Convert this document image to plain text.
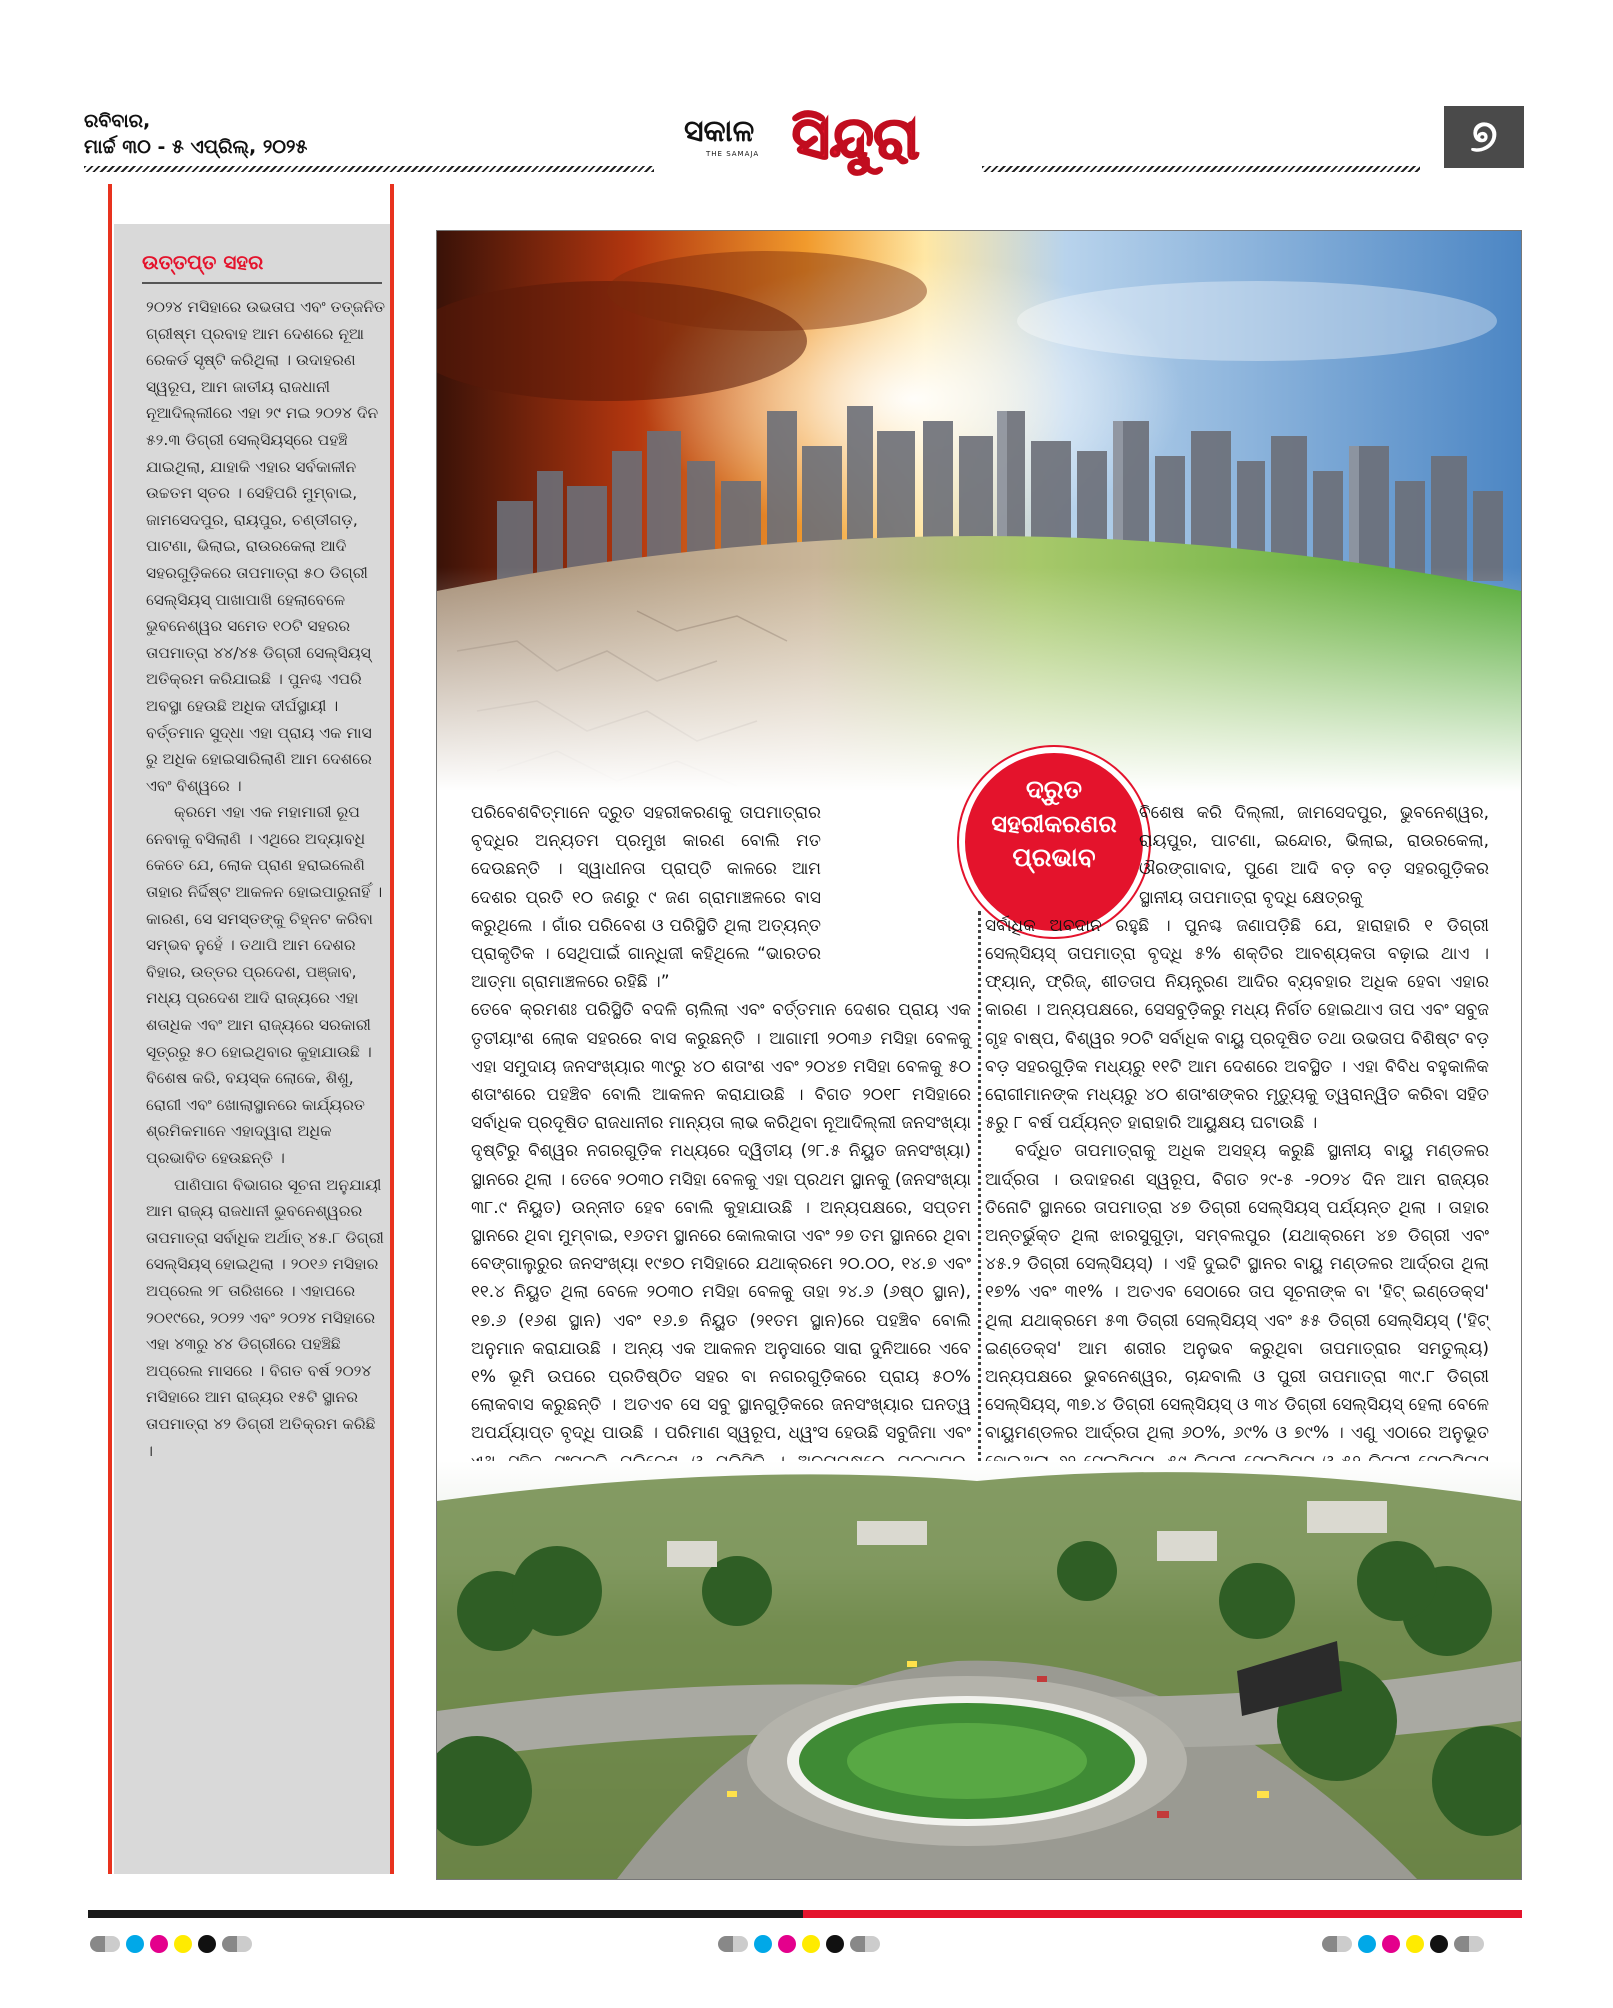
ରବିବାର,
ମାର୍ଚ୍ଚ ୩୦ - ୫ ଏପ୍ରିଲ୍, ୨୦୨୫	ସକାଳ
THE SAMAJA ସିନ୍ଦୁରା	୭
ଉତ୍ତପ୍ତ ସହର

୨୦୨୪ ମସିହାରେ ଉଭତାପ ଏବଂ ତତ୍‌ଜନିତ ଗ୍ରୀଷ୍ମ ପ୍ରବାହ ଆମ ଦେଶରେ ନୂଆ ରେକର୍ଡ ସୃଷ୍ଟି କରିଥିଲା । ଉଦାହରଣ ସ୍ୱରୂପ, ଆମ ଜାତୀୟ ରାଜଧାନୀ ନୂଆଦିଲ୍ଲୀରେ ଏହା ୨୯ ମଇ ୨୦୨୪ ଦିନ ୫୨.୩ ଡିଗ୍ରୀ ସେଲ୍‌ସିୟସ୍‌ରେ ପହଞ୍ଚି ଯାଇଥିଲା, ଯାହାକି ଏହାର ସର୍ବକାଳୀନ ଉଚ୍ଚତମ ସ୍ତର । ସେହିପରି ମୁମ୍ବାଇ, ଜାମସେଦପୁର, ରାୟପୁର, ଚଣ୍ଡୀଗଡ଼, ପାଟଣା, ଭିଲାଇ, ରାଉରକେଲା ଆଦି ସହରଗୁଡ଼ିକରେ ତାପମାତ୍ରା ୫୦ ଡିଗ୍ରୀ ସେଲ୍‌ସିୟସ୍ ପାଖାପାଖି ହେଲାବେଳେ ଭୁବନେଶ୍ୱର ସମେତ ୧୦ଟି ସହରର ତାପମାତ୍ରା ୪୪/୪୫ ଡିଗ୍ରୀ ସେଲ୍‌ସିୟସ୍ ଅତିକ୍ରମ କରିଯାଇଛି । ପୁନଶ୍ଚ ଏପରି ଅବସ୍ଥା ହେଉଛି ଅଧିକ ଦୀର୍ଘସ୍ଥାୟୀ । ବର୍ତ୍ତମାନ ସୁଦ୍ଧା ଏହା ପ୍ରାୟ ଏକ ମାସ ରୁ ଅଧିକ ହୋଇସାରିଲାଣି ଆମ ଦେଶରେ ଏବଂ ବିଶ୍ୱରେ ।

କ୍ରମେ ଏହା ଏକ ମହାମାରୀ ରୂପ ନେବାକୁ ବସିଲାଣି । ଏଥିରେ ଅଦ୍ୟାବଧି କେତେ ଯେ, ଲୋକ ପ୍ରାଣ ହରାଇଲେଣି ତାହାର ନିର୍ଦ୍ଦିଷ୍ଟ ଆକଳନ ହୋଇପାରୁନାହିଁ । କାରଣ, ସେ ସମସ୍ତଙ୍କୁ ଚିହ୍ନଟ କରିବା ସମ୍ଭବ ନୁହେଁ । ତଥାପି ଆମ ଦେଶର ବିହାର, ଉତ୍ତର ପ୍ରଦେଶ, ପଞ୍ଜାବ, ମଧ୍ୟ ପ୍ରଦେଶ ଆଦି ରାଜ୍ୟରେ ଏହା ଶତାଧିକ ଏବଂ ଆମ ରାଜ୍ୟରେ ସରକାରୀ ସୂତ୍ରରୁ ୫୦ ହୋଇଥିବାର କୁହାଯାଉଛି । ବିଶେଷ କରି, ବୟସ୍କ ଲୋକେ, ଶିଶୁ, ରୋଗୀ ଏବଂ ଖୋଲାସ୍ଥାନରେ କାର୍ଯ୍ୟରତ ଶ୍ରମିକମାନେ ଏହାଦ୍ୱାରା ଅଧିକ ପ୍ରଭାବିତ ହେଉଛନ୍ତି ।

ପାଣିପାଗ ବିଭାଗର ସୂଚନା ଅନୁଯାୟୀ ଆମ ରାଜ୍ୟ ରାଜଧାନୀ ଭୁବନେଶ୍ୱରର ତାପମାତ୍ରା ସର୍ବାଧିକ ଅର୍ଥାତ୍ ୪୫.୮ ଡିଗ୍ରୀ ସେଲ୍‌ସିୟସ୍ ହୋଇଥିଲା । ୨୦୧୬ ମସିହାର ଅପ୍ରେଲ ୨୮ ତାରିଖରେ । ଏହାପରେ ୨୦୧୯ରେ, ୨୦୨୨ ଏବଂ ୨୦୨୪ ମସିହାରେ ଏହା ୪୩ରୁ ୪୪ ଡିଗ୍ରୀରେ ପହଞ୍ଚିଛି ଅପ୍ରେଲ ମାସରେ । ବିଗତ ବର୍ଷ ୨୦୨୪ ମସିହାରେ ଆମ ରାଜ୍ୟର ୧୫ଟି ସ୍ଥାନର ତାପମାତ୍ରା ୪୨ ଡିଗ୍ରୀ ଅତିକ୍ରମ କରିଛି ।

ଦ୍ରୁତ
ସହରୀକରଣର
ପ୍ରଭାବ

ପରିବେଶବିତ୍‌ମାନେ ଦ୍ରୁତ ସହରୀକରଣକୁ ତାପମାତ୍ରାର ବୃଦ୍ଧିର ଅନ୍ୟତମ ପ୍ରମୁଖ କାରଣ ବୋଲି ମତ ଦେଉଛନ୍ତି । ସ୍ୱାଧୀନତା ପ୍ରାପ୍ତି କାଳରେ ଆମ ଦେଶର ପ୍ରତି ୧୦ ଜଣରୁ ୯ ଜଣ ଗ୍ରାମାଞ୍ଚଳରେ ବାସ କରୁଥିଲେ । ଗାଁର ପରିବେଶ ଓ ପରିସ୍ଥିତି ଥିଲା ଅତ୍ୟନ୍ତ ପ୍ରାକୃତିକ । ସେଥିପାଇଁ ଗାନ୍ଧିଜୀ କହିଥିଲେ “ଭାରତର ଆତ୍ମା ଗ୍ରାମାଞ୍ଚଳରେ ରହିଛି ।”

ତେବେ କ୍ରମଶଃ ପରିସ୍ଥିତି ବଦଳି ଚାଲିଲା ଏବଂ ବର୍ତ୍ତମାନ ଦେଶର ପ୍ରାୟ ଏକ ତୃତୀୟାଂଶ ଲୋକ ସହରରେ ବାସ କରୁଛନ୍ତି । ଆଗାମୀ ୨୦୩୬ ମସିହା ବେଳକୁ ଏହା ସମୁଦାୟ ଜନସଂଖ୍ୟାର ୩୯ରୁ ୪୦ ଶତାଂଶ ଏବଂ ୨୦୪୭ ମସିହା ବେଳକୁ ୫୦ ଶତାଂଶରେ ପହଞ୍ଚିବ ବୋଲି ଆକଳନ କରାଯାଉଛି । ବିଗତ ୨୦୧୮ ମସିହାରେ ସର୍ବାଧିକ ପ୍ରଦୂଷିତ ରାଜଧାନୀର ମାନ୍ୟତା ଲାଭ କରିଥିବା ନୂଆଦିଲ୍ଲୀ ଜନସଂଖ୍ୟା ଦୃଷ୍ଟିରୁ ବିଶ୍ୱର ନଗରଗୁଡ଼ିକ ମଧ୍ୟରେ ଦ୍ୱିତୀୟ (୨୮.୫ ନିୟୁତ ଜନସଂଖ୍ୟା) ସ୍ଥାନରେ ଥିଲା । ତେବେ ୨୦୩୦ ମସିହା ବେଳକୁ ଏହା ପ୍ରଥମ ସ୍ଥାନକୁ (ଜନସଂଖ୍ୟା ୩୮.୯ ନିୟୁତ) ଉନ୍ନୀତ ହେବ ବୋଲି କୁହାଯାଉଛି । ଅନ୍ୟପକ୍ଷରେ, ସପ୍ତମ ସ୍ଥାନରେ ଥିବା ମୁମ୍ବାଇ, ୧୬ତମ ସ୍ଥାନରେ କୋଲକାତା ଏବଂ ୨୭ ତମ ସ୍ଥାନରେ ଥିବା ବେଙ୍ଗାଲୁରୁର ଜନସଂଖ୍ୟା ୧୯୭୦ ମସିହାରେ ଯଥାକ୍ରମେ ୨୦.୦୦, ୧୪.୭ ଏବଂ ୧୧.୪ ନିୟୁତ ଥିଲା ବେଳେ ୨୦୩୦ ମସିହା ବେଳକୁ ତାହା ୨୪.୬ (୬ଷ୍ଠ ସ୍ଥାନ), ୧୭.୬ (୧୬ଶ ସ୍ଥାନ) ଏବଂ ୧୬.୭ ନିୟୁତ (୨୧ତମ ସ୍ଥାନ)ରେ ପହଞ୍ଚିବ ବୋଲି ଅନୁମାନ କରାଯାଉଛି । ଅନ୍ୟ ଏକ ଆକଳନ ଅନୁସାରେ ସାରା ଦୁନିଆରେ ଏବେ ୧% ଭୂମି ଉପରେ ପ୍ରତିଷ୍ଠିତ ସହର ବା ନଗରଗୁଡ଼ିକରେ ପ୍ରାୟ ୫୦% ଲୋକବାସ କରୁଛନ୍ତି । ଅତଏବ ସେ ସବୁ ସ୍ଥାନଗୁଡ଼ିକରେ ଜନସଂଖ୍ୟାର ଘନତ୍ୱ ଅପର୍ଯ୍ୟାପ୍ତ ବୃଦ୍ଧି ପାଉଛି । ପରିମାଣ ସ୍ୱରୂପ, ଧ୍ୱଂସ ହେଉଛି ସବୁଜିମା ଏବଂ

ବିଶେଷ କରି ଦିଲ୍ଲୀ, ଜାମସେଦପୁର, ଭୁବନେଶ୍ୱର, ରାୟପୁର, ପାଟଣା, ଇନ୍ଦୋର, ଭିଲାଇ, ରାଉରକେଲା, ଔରଙ୍ଗାବାଦ, ପୁଣେ ଆଦି ବଡ଼ ବଡ଼ ସହରଗୁଡ଼ିକର ସ୍ଥାନୀୟ ତାପମାତ୍ରା ବୃଦ୍ଧି କ୍ଷେତ୍ରକୁ

ସର୍ବାଧିକ ଅବଦାନ ରହୁଛି । ପୁନଶ୍ଚ ଜଣାପଡ଼ିଛି ଯେ, ହାରାହାରି ୧ ଡିଗ୍ରୀ ସେଲ୍‌ସିୟସ୍ ତାପମାତ୍ରା ବୃଦ୍ଧି ୫% ଶକ୍ତିର ଆବଶ୍ୟକତା ବଢ଼ାଇ ଥାଏ । ଫ୍ୟାନ୍, ଫ୍ରିଜ୍, ଶୀତତାପ ନିୟନ୍ତ୍ରଣ ଆଦିର ବ୍ୟବହାର ଅଧିକ ହେବା ଏହାର କାରଣ । ଅନ୍ୟପକ୍ଷରେ, ସେସବୁଡ଼ିକରୁ ମଧ୍ୟ ନିର୍ଗତ ହୋଇଥାଏ ତାପ ଏବଂ ସବୁଜ ଗୃହ ବାଷ୍ପ, ବିଶ୍ୱର ୨୦ଟି ସର୍ବାଧିକ ବାୟୁ ପ୍ରଦୂଷିତ ତଥା ଉଭତାପ ବିଶିଷ୍ଟ ବଡ଼ ବଡ଼ ସହରଗୁଡ଼ିକ ମଧ୍ୟରୁ ୧୧ଟି ଆମ ଦେଶରେ ଅବସ୍ଥିତ । ଏହା ବିବିଧ ବହୁକାଳିକ ରୋଗୀମାନଙ୍କ ମଧ୍ୟରୁ ୪୦ ଶତାଂଶଙ୍କର ମୃତ୍ୟୁକୁ ତ୍ୱରାନ୍ୱିତ କରିବା ସହିତ ୫ରୁ ୮ ବର୍ଷ ପର୍ଯ୍ୟନ୍ତ ହାରାହାରି ଆୟୁକ୍ଷୟ ଘଟାଉଛି ।

ବର୍ଦ୍ଧିତ ତାପମାତ୍ରାକୁ ଅଧିକ ଅସହ୍ୟ କରୁଛି ସ୍ଥାନୀୟ ବାୟୁ ମଣ୍ଡଳର ଆର୍ଦ୍ରତା । ଉଦାହରଣ ସ୍ୱରୂପ, ବିଗତ ୨୯-୫ -୨୦୨୪ ଦିନ ଆମ ରାଜ୍ୟର ତିନୋଟି ସ୍ଥାନରେ ତାପମାତ୍ରା ୪୭ ଡିଗ୍ରୀ ସେଲ୍‌ସିୟସ୍ ପର୍ଯ୍ୟନ୍ତ ଥିଲା । ତାହାର ଅନ୍ତର୍ଭୁକ୍ତ ଥିଲା ଝାରସୁଗୁଡ଼ା, ସମ୍ବଲପୁର (ଯଥାକ୍ରମେ ୪୭ ଡିଗ୍ରୀ ଏବଂ ୪୫.୨ ଡିଗ୍ରୀ ସେଲ୍‌ସିୟସ୍) । ଏହି ଦୁଇଟି ସ୍ଥାନର ବାୟୁ ମଣ୍ଡଳର ଆର୍ଦ୍ରତା ଥିଲା ୧୭% ଏବଂ ୩୧% । ଅତଏବ ସେଠାରେ ତାପ ସୂଚନାଙ୍କ ବା 'ହିଟ୍ ଇଣ୍ଡେକ୍ସ' ଥିଲା ଯଥାକ୍ରମେ ୫୩ ଡିଗ୍ରୀ ସେଲ୍‌ସିୟସ୍ ଏବଂ ୫୫ ଡିଗ୍ରୀ ସେଲ୍‌ସିୟସ୍ ('ହିଟ୍ ଇଣ୍ଡେକ୍ସ' ଆମ ଶରୀର ଅନୁଭବ କରୁଥିବା ତାପମାତ୍ରାର ସମତୁଲ୍ୟ) ଅନ୍ୟପକ୍ଷରେ ଭୁବନେଶ୍ୱର, ଚାନ୍ଦବାଲି ଓ ପୁରୀ ତାପମାତ୍ରା ୩୯.୮ ଡିଗ୍ରୀ ସେଲ୍‌ସିୟସ୍, ୩୭.୪ ଡିଗ୍ରୀ ସେଲ୍‌ସିୟସ୍ ଓ ୩୪ ଡିଗ୍ରୀ ସେଲ୍‌ସିୟସ୍ ହେଲା ବେଳେ ବାୟୁମଣ୍ଡଳର ଆର୍ଦ୍ରତା ଥିଲା ୬୦%, ୬୯% ଓ ୭୯% । ଏଣୁ ଏଠାରେ ଅନୁଭୂତ
